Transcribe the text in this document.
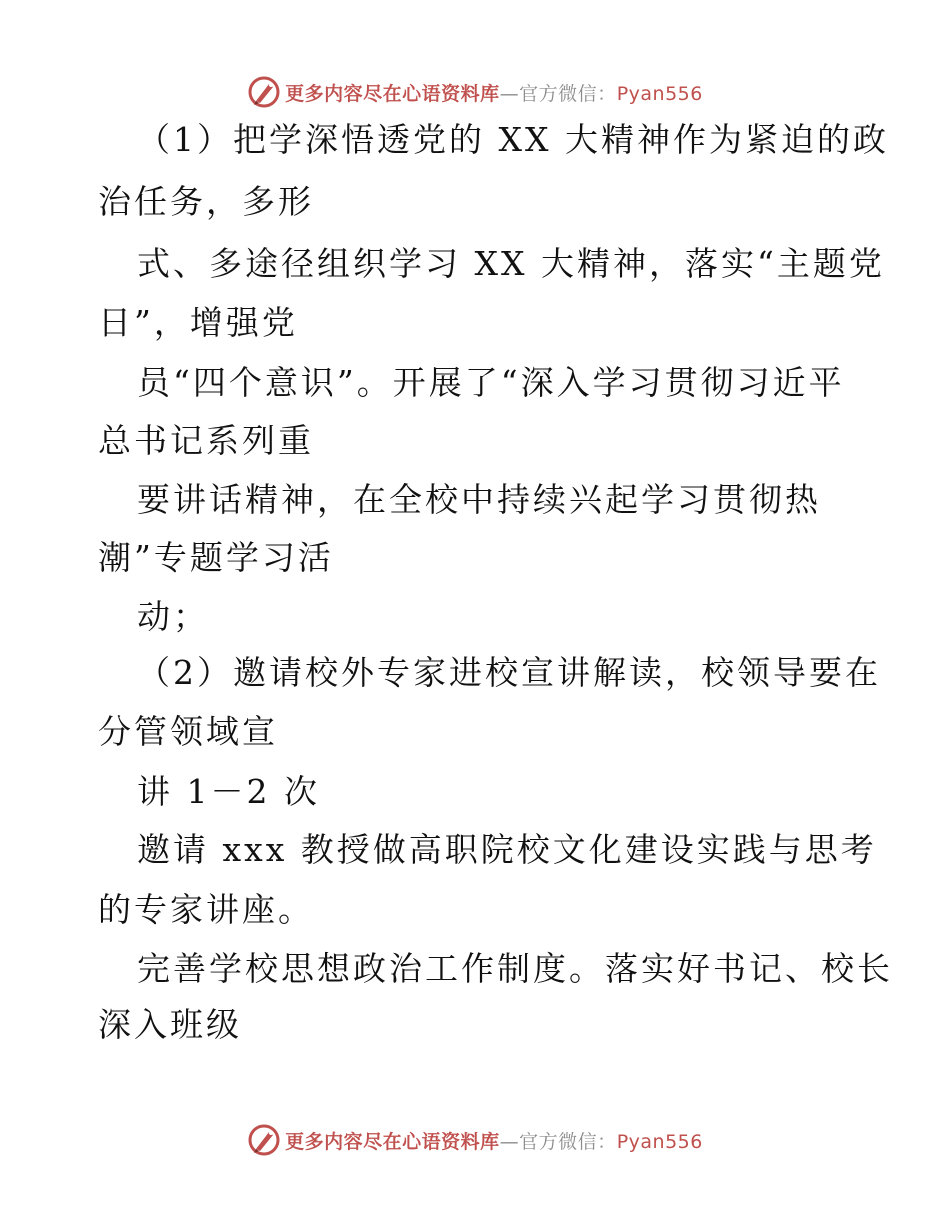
更多内容尽在心语资料库—官方微信：Pyan556
（1）把学深悟透党的 XX 大精神作为紧迫的政
治任务，多形
式、多途径组织学习 XX 大精神，落实“主题党
日”，增强党
员“四个意识”。开展了“深入学习贯彻习近平
总书记系列重
要讲话精神，在全校中持续兴起学习贯彻热
潮”专题学习活
动；
（2）邀请校外专家进校宣讲解读，校领导要在
分管领域宣
讲 1－2 次
邀请 xxx 教授做高职院校文化建设实践与思考
的专家讲座。
完善学校思想政治工作制度。落实好书记、校长
深入班级
更多内容尽在心语资料库—官方微信：Pyan556
